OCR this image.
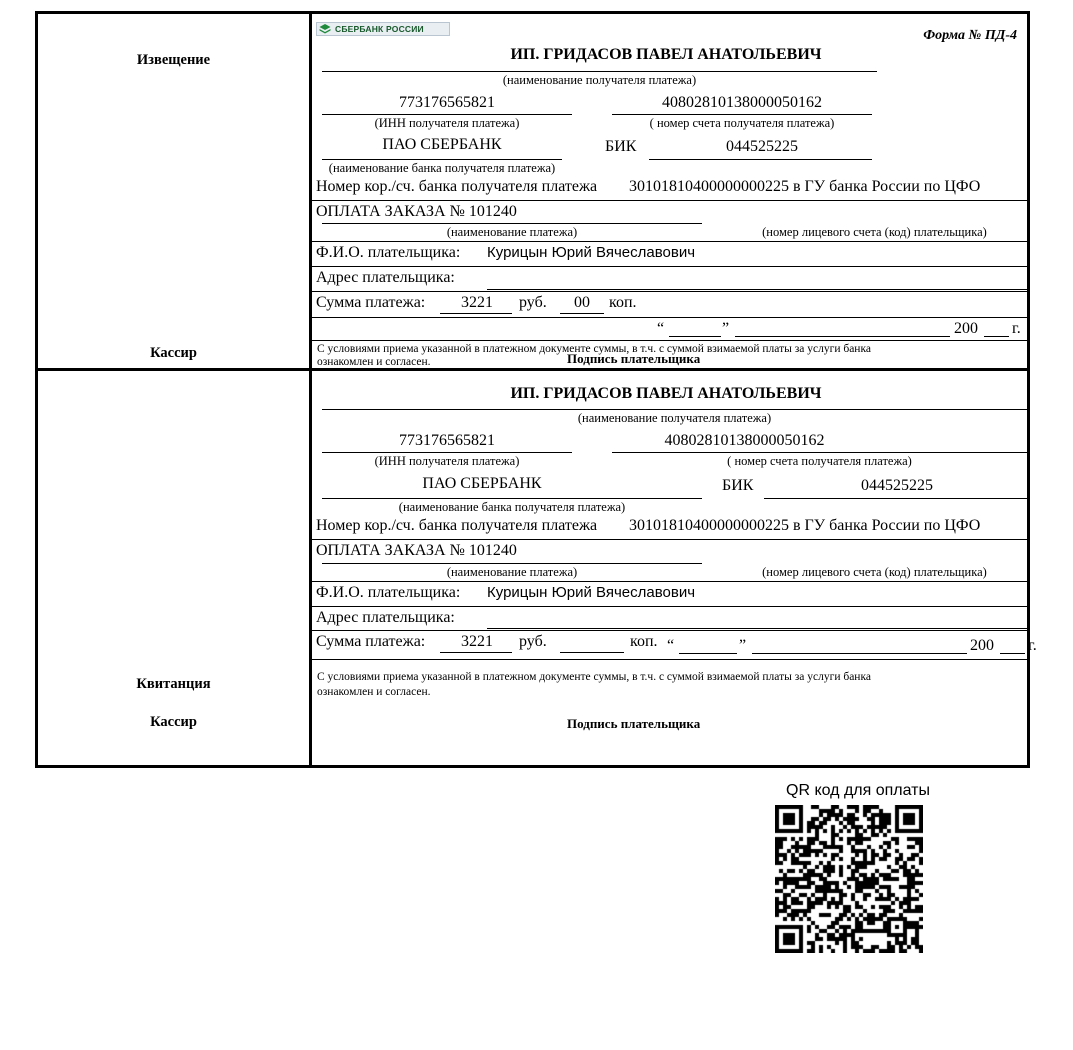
Извещение
Кассир
СБЕРБАНК РОССИИ	Форма № ПД-4
ИП. ГРИДАСОВ ПАВЕЛ АНАТОЛЬЕВИЧ
(наименование получателя платежа)
773176565821
(ИНН получателя платежа)
40802810138000050162
( номер счета получателя платежа)
ПАО СБЕРБАНК
(наименование банка получателя платежа)
БИК	044525225
Номер кор./сч. банка получателя платежа 30101810400000000225 в ГУ банка России по ЦФО
ОПЛАТА ЗАКАЗА № 101240
(наименование платежа)	(номер лицевого счета (код) плательщика)
Ф.И.О. плательщика: Курицын Юрий Вячеславович
Адрес плательщика:
Сумма платежа:	3221	руб.	00	коп.
“	”	200 г.
С условиями приема указанной в платежном документе суммы, в т.ч. с суммой взимаемой платы за услуги банка
ознакомлен и согласен.	Подпись плательщика
Квитанция
Кассир
ИП. ГРИДАСОВ ПАВЕЛ АНАТОЛЬЕВИЧ
(наименование получателя платежа)
773176565821
(ИНН получателя платежа)
40802810138000050162
( номер счета получателя платежа)
ПАО СБЕРБАНК
(наименование банка получателя платежа)
БИК	044525225
Номер кор./сч. банка получателя платежа 30101810400000000225 в ГУ банка России по ЦФО
ОПЛАТА ЗАКАЗА № 101240
(наименование платежа)	(номер лицевого счета (код) плательщика)
Ф.И.О. плательщика: Курицын Юрий Вячеславович
Адрес плательщика:
Сумма платежа:	3221	руб.	коп. “	”	200 г.
С условиями приема указанной в платежном документе суммы, в т.ч. с суммой взимаемой платы за услуги банка
ознакомлен и согласен.
Подпись плательщика
QR код для оплаты
